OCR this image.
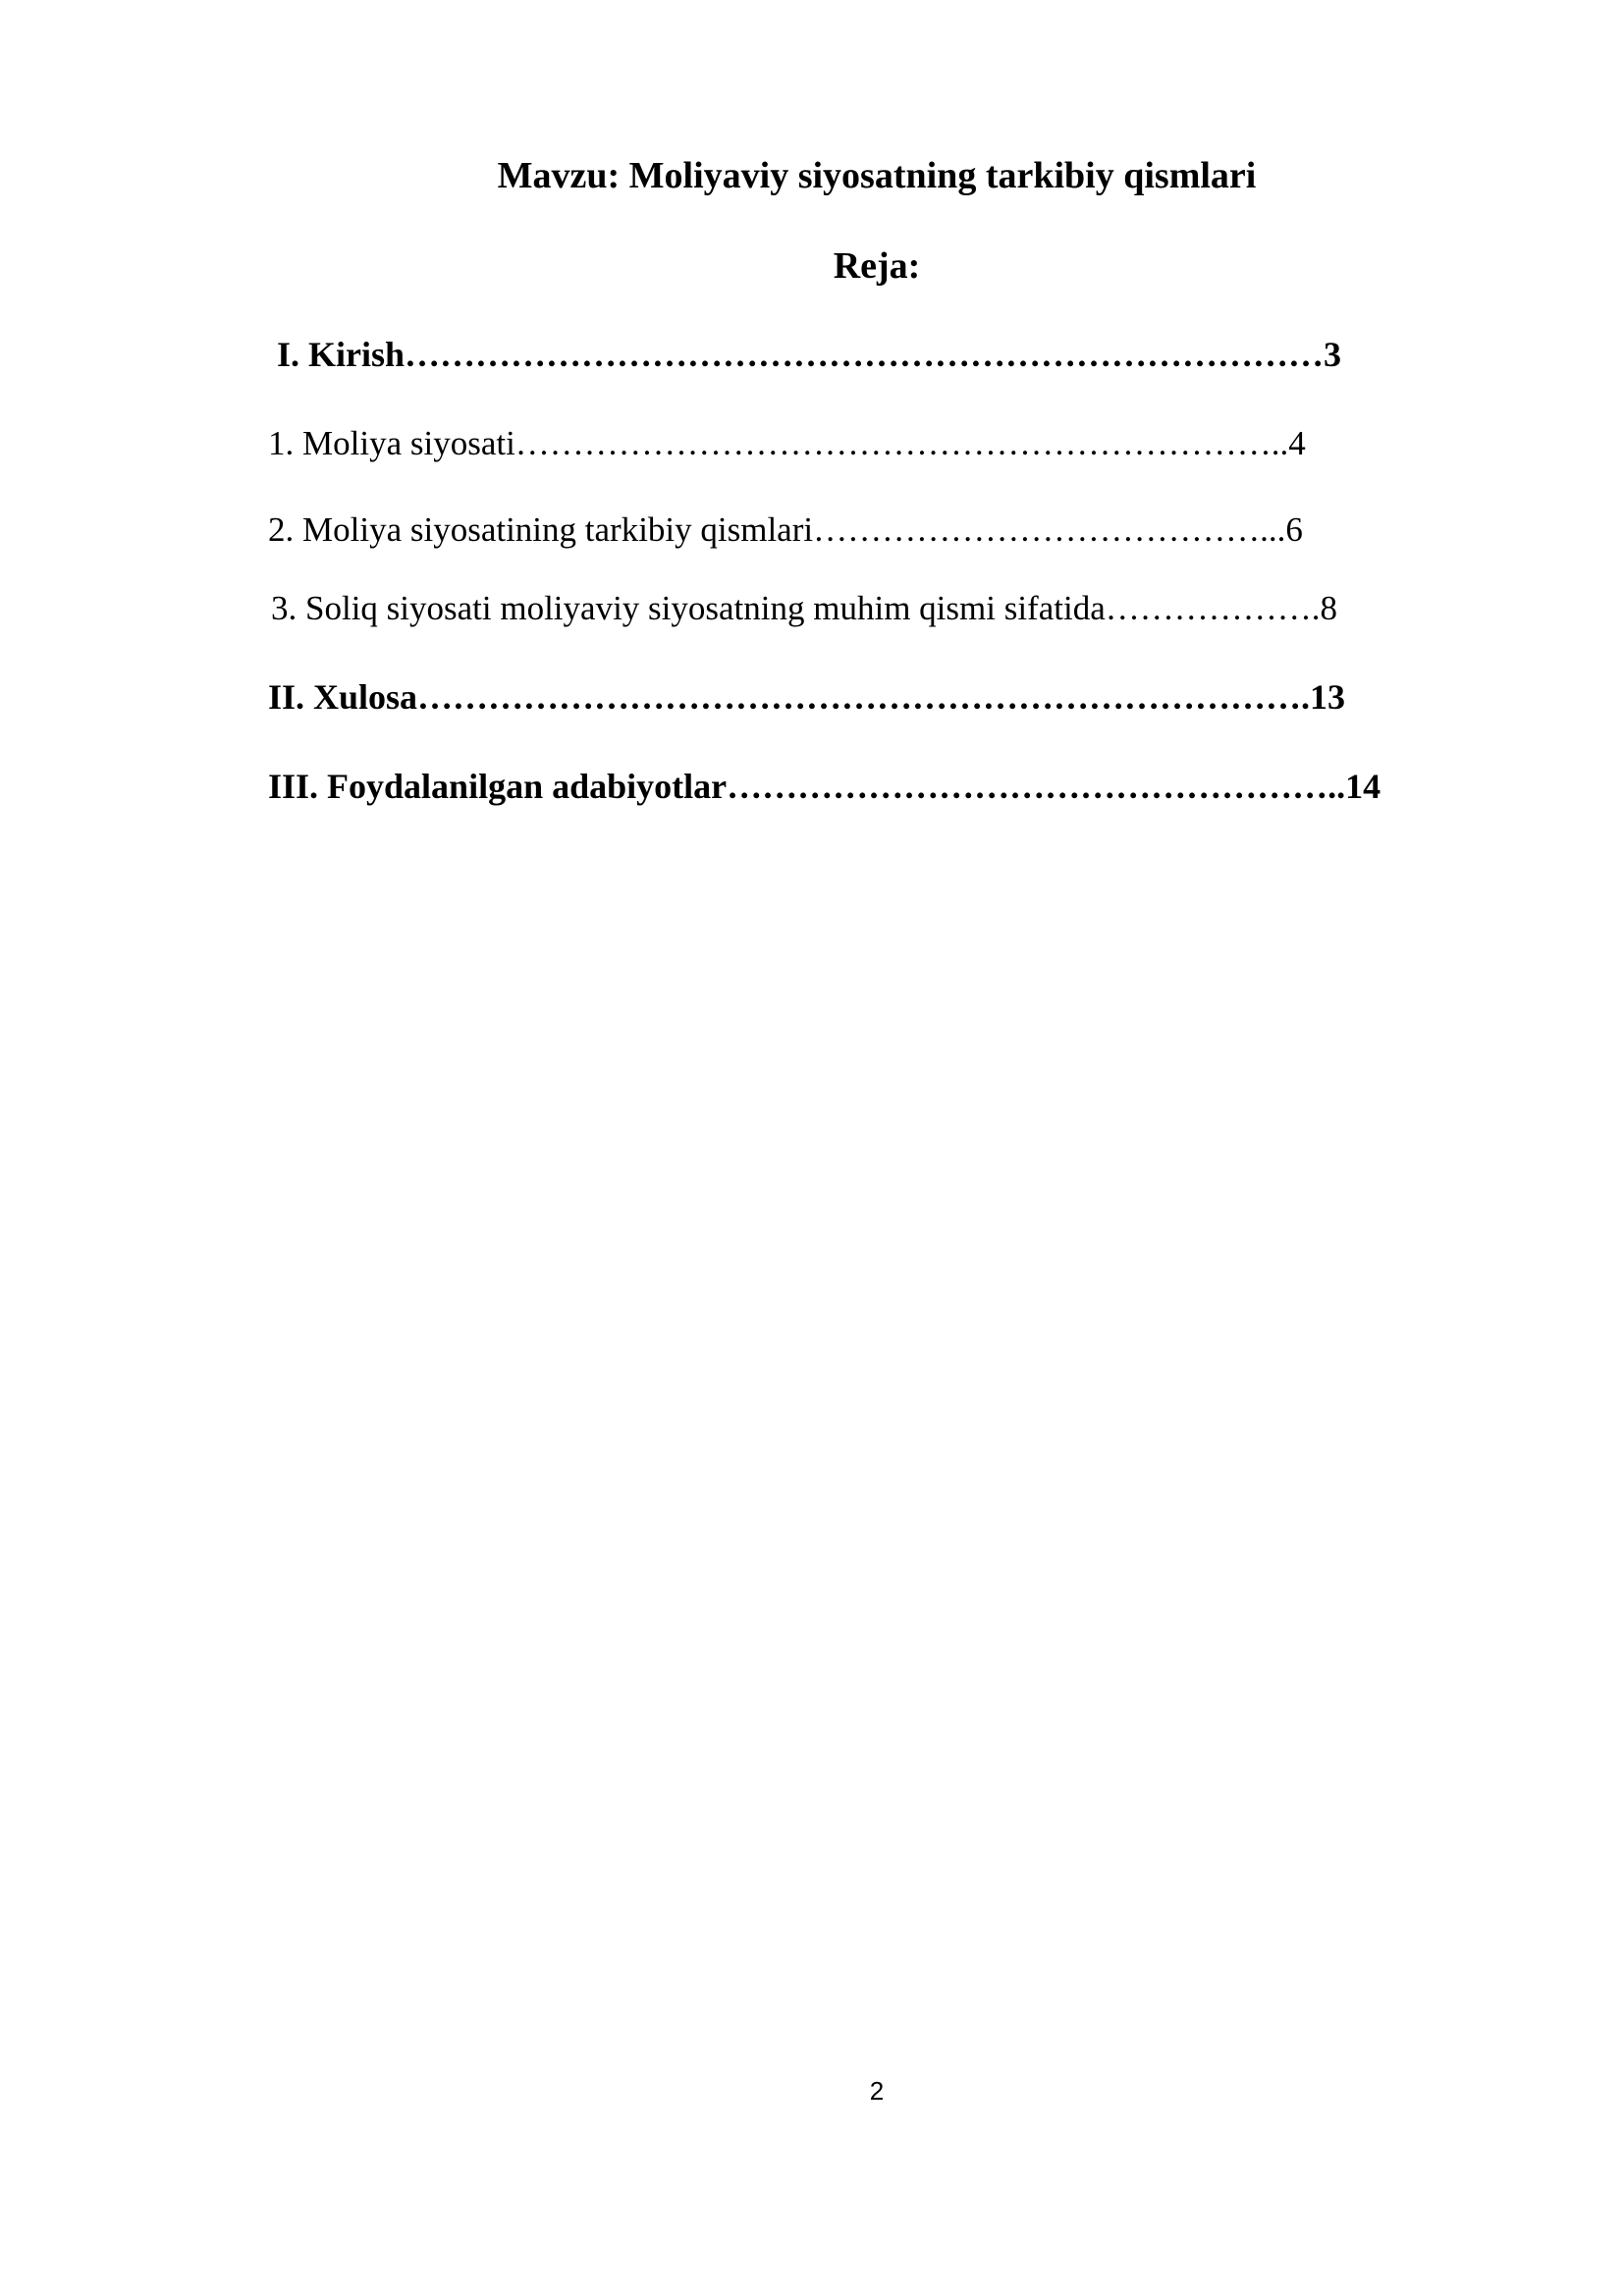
Mavzu: Moliyaviy siyosatning tarkibiy qismlari
Reja:
I. Kirish……………………………………………………………………3
1. Moliya siyosati…………………………………………………………..4
2. Moliya siyosatining tarkibiy qismlari…………………………………...6
3. Soliq siyosati moliyaviy siyosatning muhim qismi sifatida……………….8
II. Xulosa………………………………………………………………….13
III. Foydalanilgan adabiyotlar……………………………………………..14
2
